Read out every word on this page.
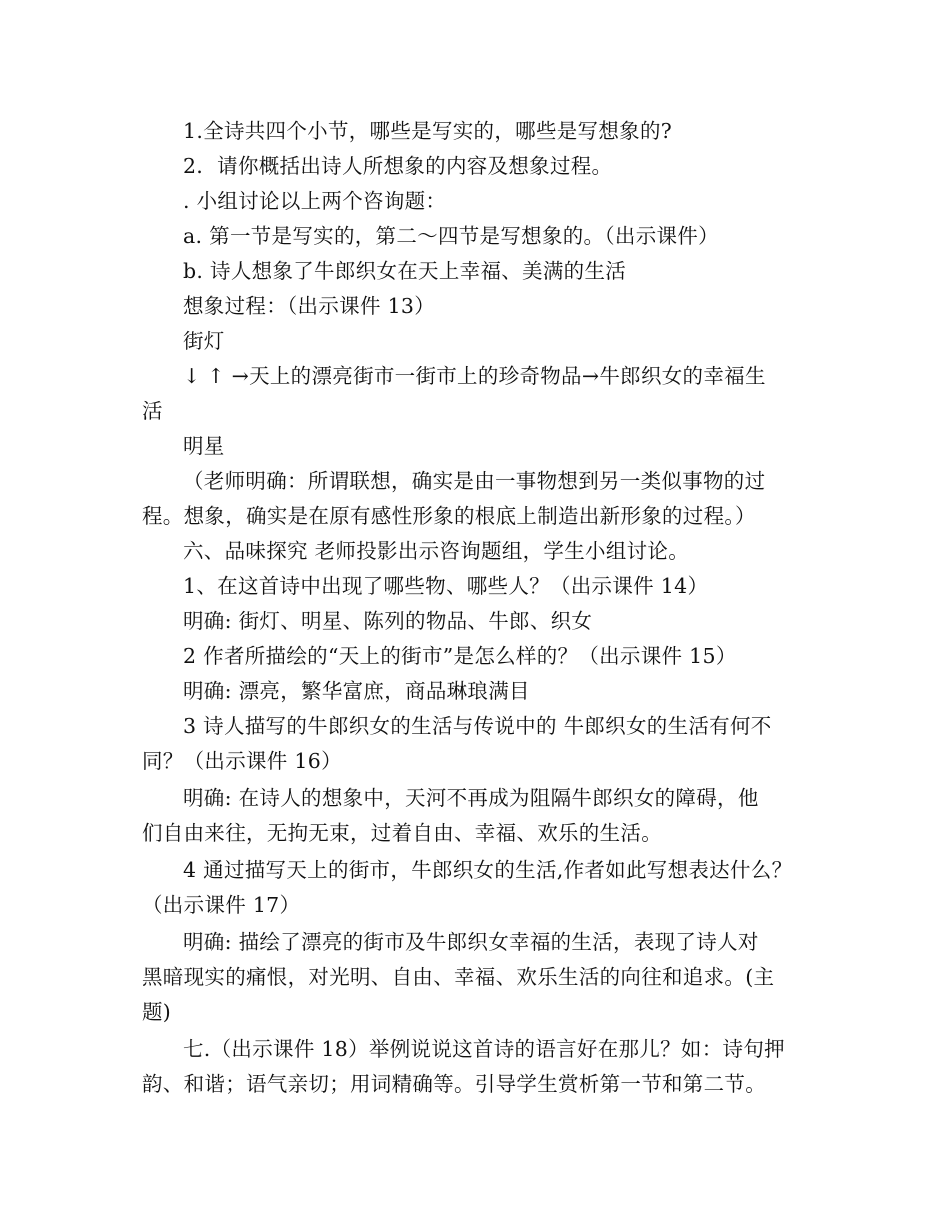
1.全诗共四个小节，哪些是写实的，哪些是写想象的?
2．请你概括出诗人所想象的内容及想象过程。
. 小组讨论以上两个咨询题：
a. 第一节是写实的，第二～四节是写想象的。（出示课件）
b. 诗人想象了牛郎织女在天上幸福、美满的生活
想象过程：（出示课件 13）
街灯
↓ ↑ →天上的漂亮街市一街市上的珍奇物品→牛郎织女的幸福生
活
明星
（老师明确：所谓联想，确实是由一事物想到另一类似事物的过
程。想象，确实是在原有感性形象的根底上制造出新形象的过程。）
六、品味探究 老师投影出示咨询题组，学生小组讨论。
1、在这首诗中出现了哪些物、哪些人？（出示课件 14）
明确: 街灯、明星、陈列的物品、牛郎、织女
2 作者所描绘的“天上的街市”是怎么样的？（出示课件 15）
明确: 漂亮，繁华富庶，商品琳琅满目
3 诗人描写的牛郎织女的生活与传说中的 牛郎织女的生活有何不
同？（出示课件 16）
明确: 在诗人的想象中，天河不再成为阻隔牛郎织女的障碍，他
们自由来往，无拘无束，过着自由、幸福、欢乐的生活。
4 通过描写天上的街市，牛郎织女的生活,作者如此写想表达什么？
（出示课件 17）
明确: 描绘了漂亮的街市及牛郎织女幸福的生活，表现了诗人对
黑暗现实的痛恨，对光明、自由、幸福、欢乐生活的向往和追求。(主
题)
七.（出示课件 18）举例说说这首诗的语言好在那儿？如：诗句押
韵、和谐；语气亲切；用词精确等。引导学生赏析第一节和第二节。
